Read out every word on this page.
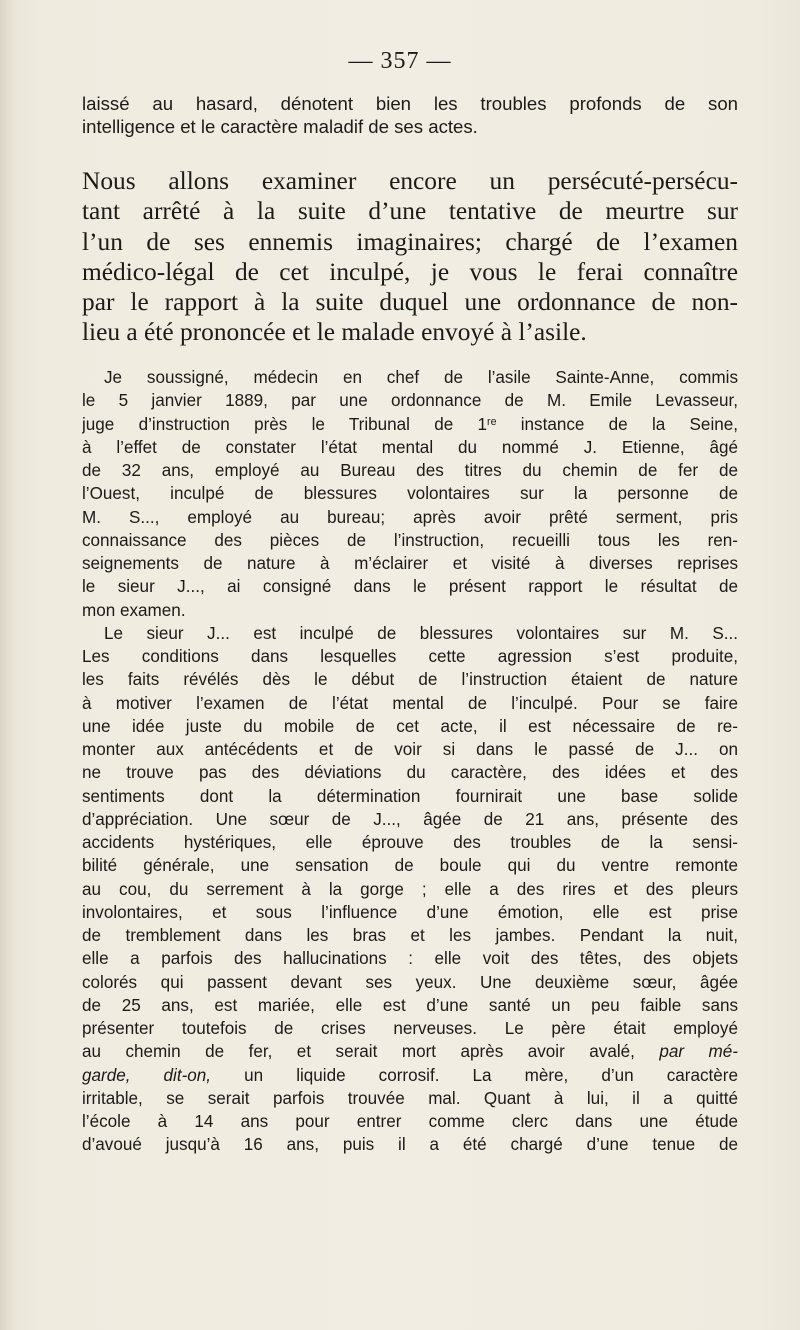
— 357 —
laissé au hasard, dénotent bien les troubles profonds de son
intelligence et le caractère maladif de ses actes.
Nous allons examiner encore un persécuté-persécu-
tant arrêté à la suite d’une tentative de meurtre sur
l’un de ses ennemis imaginaires; chargé de l’examen
médico-légal de cet inculpé, je vous le ferai connaître
par le rapport à la suite duquel une ordonnance de non-
lieu a été prononcée et le malade envoyé à l’asile.
Je soussigné, médecin en chef de l’asile Sainte-Anne, commis
le 5 janvier 1889, par une ordonnance de M. Emile Levasseur,
juge d’instruction près le Tribunal de 1re instance de la Seine,
à l’effet de constater l’état mental du nommé J. Etienne, âgé
de 32 ans, employé au Bureau des titres du chemin de fer de
l’Ouest, inculpé de blessures volontaires sur la personne de
M. S..., employé au bureau; après avoir prêté serment, pris
connaissance des pièces de l’instruction, recueilli tous les ren-
seignements de nature à m’éclairer et visité à diverses reprises
le sieur J..., ai consigné dans le présent rapport le résultat de
mon examen.
Le sieur J... est inculpé de blessures volontaires sur M. S...
Les conditions dans lesquelles cette agression s’est produite,
les faits révélés dès le début de l’instruction étaient de nature
à motiver l’examen de l’état mental de l’inculpé. Pour se faire
une idée juste du mobile de cet acte, il est nécessaire de re-
monter aux antécédents et de voir si dans le passé de J... on
ne trouve pas des déviations du caractère, des idées et des
sentiments dont la détermination fournirait une base solide
d’appréciation. Une sœur de J..., âgée de 21 ans, présente des
accidents hystériques, elle éprouve des troubles de la sensi-
bilité générale, une sensation de boule qui du ventre remonte
au cou, du serrement à la gorge ; elle a des rires et des pleurs
involontaires, et sous l’influence d’une émotion, elle est prise
de tremblement dans les bras et les jambes. Pendant la nuit,
elle a parfois des hallucinations : elle voit des têtes, des objets
colorés qui passent devant ses yeux. Une deuxième sœur, âgée
de 25 ans, est mariée, elle est d’une santé un peu faible sans
présenter toutefois de crises nerveuses. Le père était employé
au chemin de fer, et serait mort après avoir avalé, par mé-
garde, dit-on, un liquide corrosif. La mère, d’un caractère
irritable, se serait parfois trouvée mal. Quant à lui, il a quitté
l’école à 14 ans pour entrer comme clerc dans une étude
d’avoué jusqu’à 16 ans, puis il a été chargé d’une tenue de
